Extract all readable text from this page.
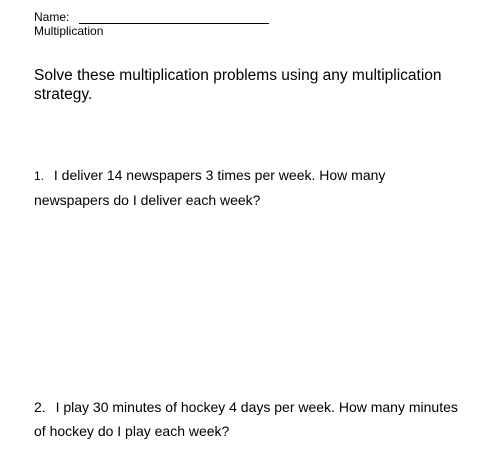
Name:
Multiplication
Solve these multiplication problems using any multiplication strategy.
1. I deliver 14 newspapers 3 times per week. How many newspapers do I deliver each week?
2. I play 30 minutes of hockey 4 days per week. How many minutes of hockey do I play each week?
